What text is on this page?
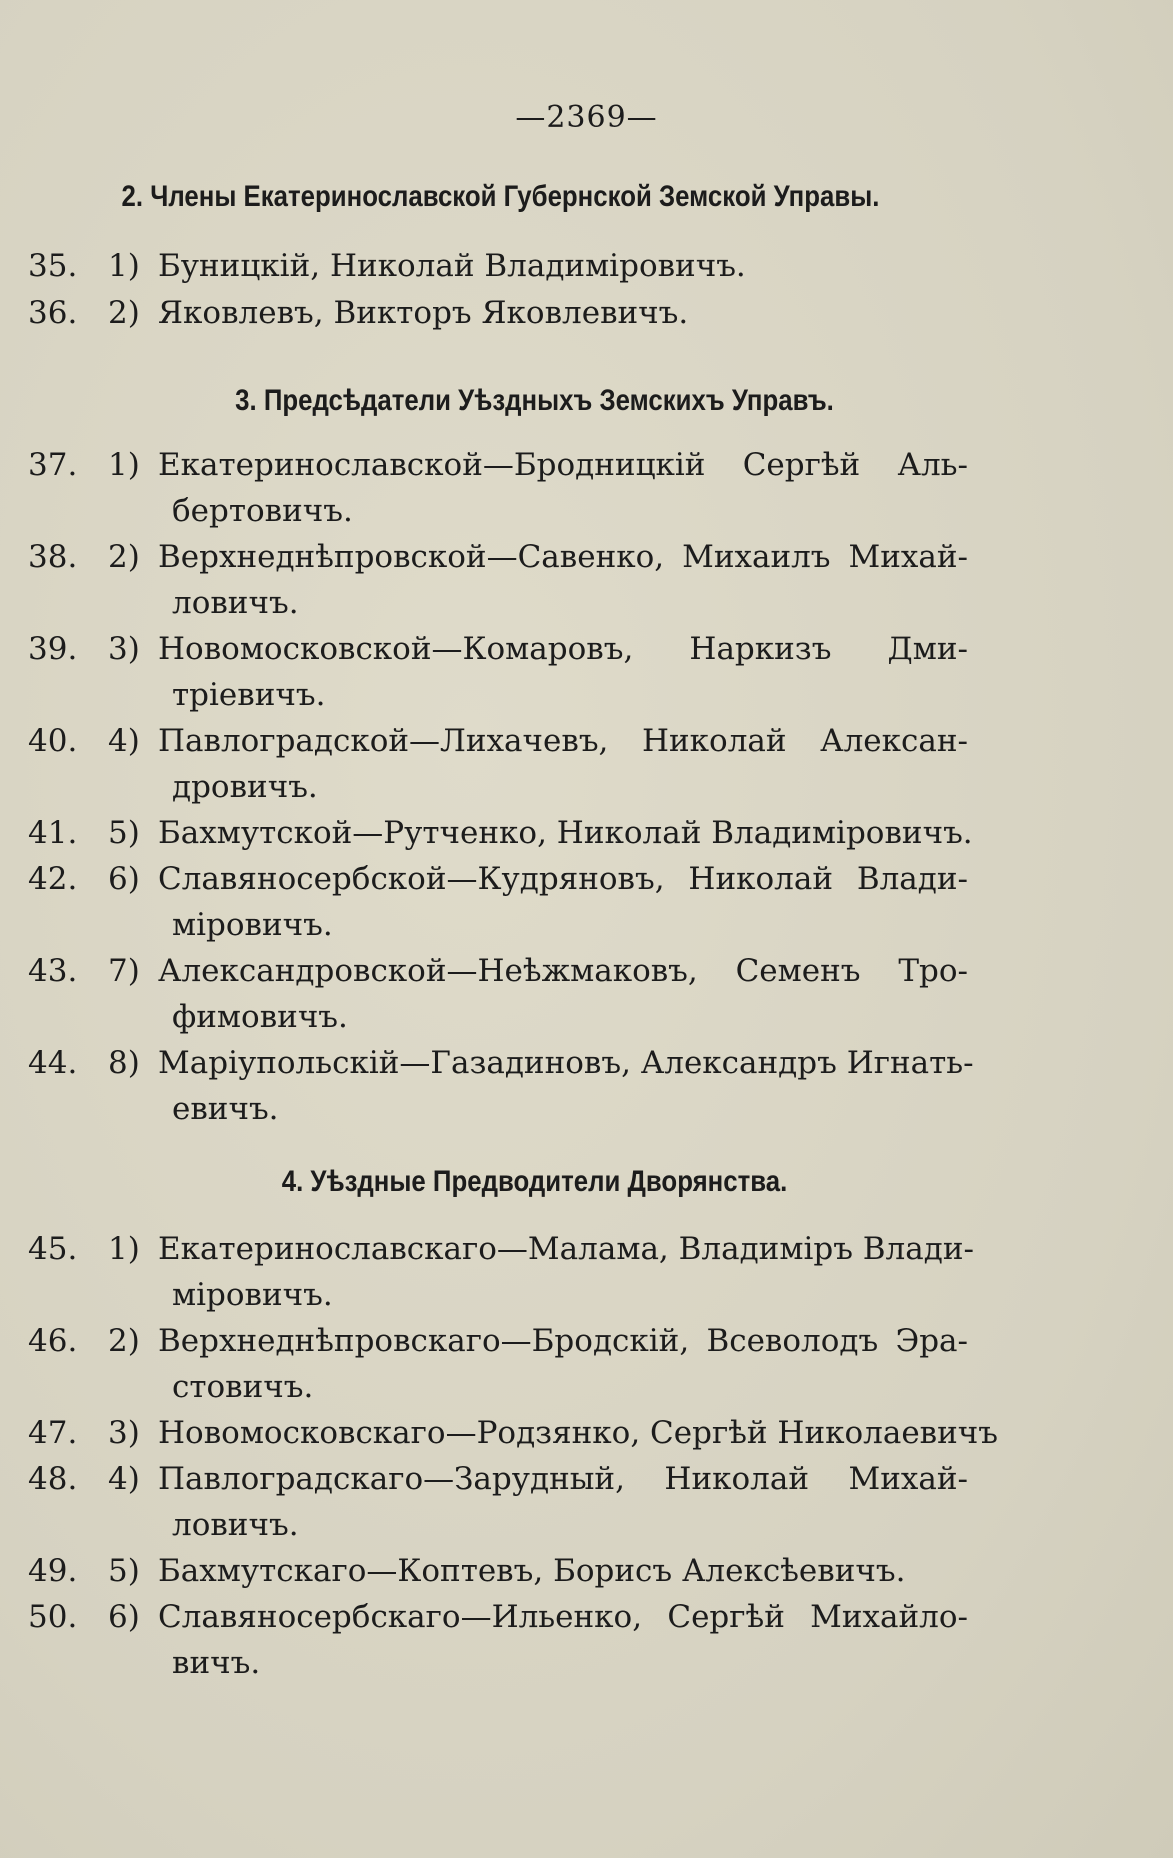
—2369—
2. Члены Екатеринославской Губернской Земской Управы.
35. 1) Буницкій, Николай Владиміровичъ.
36. 2) Яковлевъ, Викторъ Яковлевичъ.
3. Предсѣдатели Уѣздныхъ Земскихъ Управъ.
37. 1) Екатеринославской—Бродницкій Сергѣй Аль-
бертовичъ.
38. 2) Верхнеднѣпровской—Савенко, Михаилъ Михай-
ловичъ.
39. 3) Новомосковской—Комаровъ, Наркизъ Дми-
тріевичъ.
40. 4) Павлоградской—Лихачевъ, Николай Алексан-
дровичъ.
41. 5) Бахмутской—Рутченко, Николай Владиміровичъ.
42. 6) Славяносербской—Кудряновъ, Николай Влади-
міровичъ.
43. 7) Александровской—Неѣжмаковъ, Семенъ Тро-
фимовичъ.
44. 8) Маріупольскій—Газадиновъ, Александръ Игнать-
евичъ.
4. Уѣздные Предводители Дворянства.
45. 1) Екатеринославскаго—Малама, Владиміръ Влади-
міровичъ.
46. 2) Верхнеднѣпровскаго—Бродскій, Всеволодъ Эра-
стовичъ.
47. 3) Новомосковскаго—Родзянко, Сергѣй Николаевичъ
48. 4) Павлоградскаго—Зарудный, Николай Михай-
ловичъ.
49. 5) Бахмутскаго—Коптевъ, Борисъ Алексѣевичъ.
50. 6) Славяносербскаго—Ильенко, Сергѣй Михайло-
вичъ.
